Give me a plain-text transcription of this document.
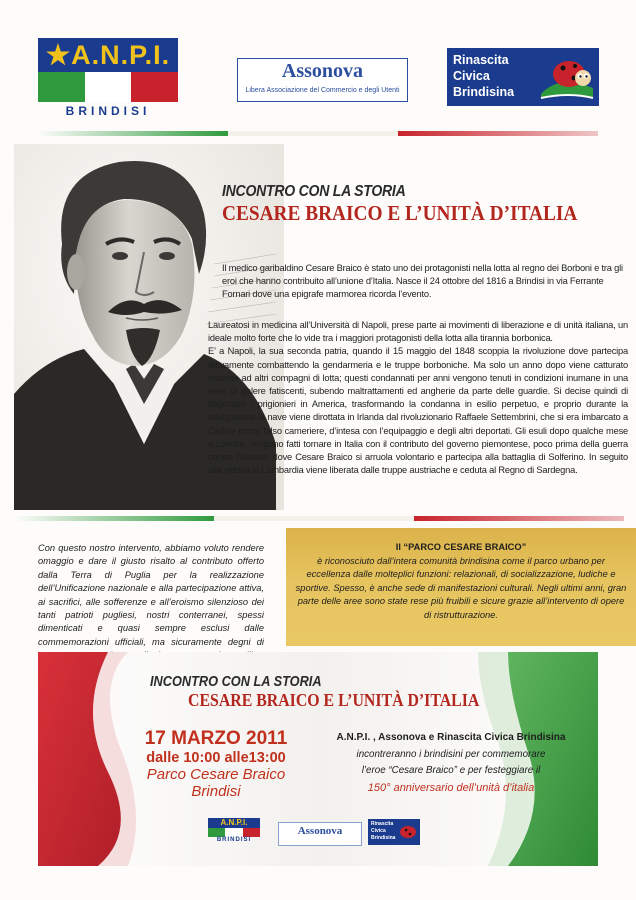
★A.N.P.I.
BRINDISI
Assonova
Libera Associazione del Commercio e degli Utenti
Rinascita
Civica
Brindisina
INCONTRO CON LA STORIA
CESARE BRAICO E L’UNITÀ D’ITALIA
Il medico garibaldino Cesare Braico è stato uno dei protagonisti nella lotta al regno dei Borboni e tra gli eroi che hanno contribuito all’unione d’Italia. Nasce il 24 ottobre del 1816 a Brindisi in via Ferrante Fornari dove una epigrafe marmorea ricorda l’evento.

Laureatosi in medicina all’Università di Napoli, prese parte ai movimenti di liberazione e di unità italiana, un ideale molto forte che lo vide tra i maggiori protagonisti della lotta alla tirannia borbonica.

E’ a Napoli, la sua seconda patria, quando il 15 maggio del 1848 scoppia la rivoluzione dove partecipa attivamente combattendo la gendarmeria e le truppe borboniche. Ma solo un anno dopo viene catturato insieme ad altri compagni di lotta; questi condannati per anni vengono tenuti in condizioni inumane in una serie di galere fatiscenti, subendo maltrattamenti ed angherie da parte delle guardie. Si decise quindi di deportare i prigionieri in America, trasformando la condanna in esilio perpetuo, e proprio durante la navigazione la nave viene dirottata in Irlanda dal rivoluzionario Raffaele Settembrini, che si era imbarcato a Cadice come falso cameriere, d’intesa con l’equipaggio e degli altri deportati. Gli esuli dopo qualche mese a Londra, vengono fatti tornare in Italia con il contributo del governo piemontese, poco prima della guerra contro l’Austria, dove Cesare Braico si arruola volontario e partecipa alla battaglia di Solferino. In seguito alla vittoria la Lombardia viene liberata dalle truppe austriache e ceduta al Regno di Sardegna.

Con questo nostro intervento, abbiamo voluto rendere omaggio e dare il giusto risalto al contributo offerto dalla Terra di Puglia per la realizzazione dell’Unificazione nazionale e alla partecipazione attiva, ai sacrifici, alle sofferenze e all’eroismo silenzioso dei tanti patrioti pugliesi, nostri conterranei, spessi dimenticati e quasi sempre esclusi dalle commemorazioni ufficiali, ma sicuramente degni di
Il “PARCO CESARE BRAICO”
è riconosciuto dall’intera comunità brindisina come il parco urbano per eccellenza dalle molteplici funzioni: relazionali, di socializzazione, ludiche e sportive. Spesso, è anche sede di manifestazioni culturali. Negli ultimi anni, gran parte delle aree sono state rese più fruibili e sicure grazie all’intervento di opere di ristrutturazione.
INCONTRO CON LA STORIA
CESARE BRAICO E L’UNITÀ D’ITALIA
17 MARZO 2011
dalle 10:00 alle13:00
Parco Cesare Braico
Brindisi
A.N.P.I. , Assonova e Rinascita Civica Brindisina
incontreranno i brindisini per commemorare
l’eroe “Cesare Braico” e per festeggiare il
150° anniversario dell’unità d’italia
A.N.P.I.
BRINDISI
Assonova
Rinascita Civica Brindisina
